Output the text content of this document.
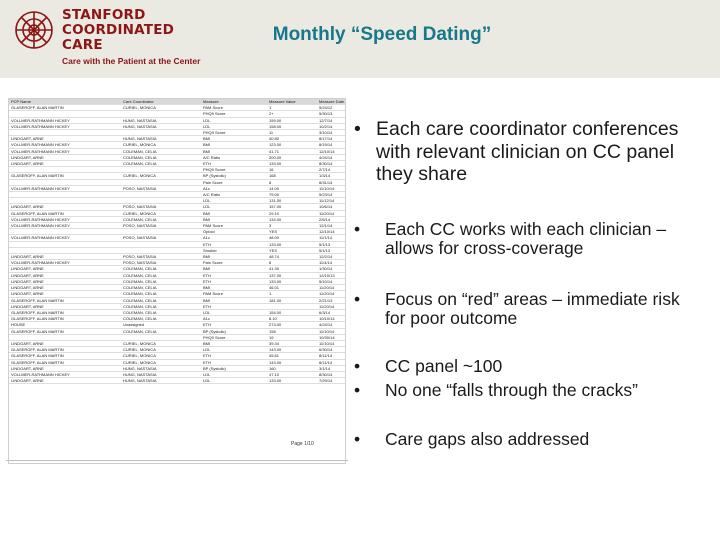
STANFORD
COORDINATED
CARE
Care with the Patient at the Center
Monthly “Speed Dating”
PCP Name	Care Coordinator	Measure	Measure Value	Measure Date
GLASEROFF, ALAN MARTIN	CURIEL, MONICA	PAM Score	1	5/24/12
		PHQ9 Score	2+	5/30/13
VOLLMER-RATHMANN HICKEY	HUNG, NASTASIA	LDL	159.00	12/7/14
VOLLMER-RATHMANN HICKEY	HUNG, NASTASIA	LDL	158.00	10/2/14
		PHQ9 Score	11	3/10/14
LINDGART, ARNE	HUNG, NASTASIA	BMI	40.80	8/17/14
VOLLMER-RATHMANN HICKEY	CURIEL, MONICA	BMI	123.00	8/19/14
VOLLMER-RATHMANN HICKEY	COLEMAN, CELIA	BMI	41.71	12/10/14
LINDGART, ARNE	COLEMAN, CELIA	A/C Ratio	200.00	4/24/14
LINDGART, ARNE	COLEMAN, CELIA	ETH	133.00	8/30/14
		PHQ9 Score	16	2/7/14
GLASEROFF, ALAN MARTIN	CURIEL, MONICA	BP (Systolic)	168	1/3/14
		Pain Score	8	8/31/14
VOLLMER-RATHMANN HICKEY	POSO, NASTASIA	A1c	14.00	11/10/14
		A/C Ratio	79.00	5/23/14
		LDL	131.00	11/12/14
LINDGART, ARNE	POSO, NASTASIA	LDL	157.00	10/6/14
GLASEROFF, ALAN MARTIN	CURIEL, MONICA	BMI	29.10	11/20/14
VOLLMER-RATHMANN HICKEY	COLEMAN, CELIA	BMI	134.00	2/6/14
VOLLMER-RATHMANN HICKEY	POSO, NASTASIA	PAM Score	3	12/1/14
		Opioid	YES	12/10/14
VOLLMER-RATHMANN HICKEY	POSO, NASTASIA	A1c	48.00	11/1/14
		ETH	133.00	5/1/13
		Smoker	YES	5/1/13
LINDGART, ARNE	POSO, NASTASIA	BMI	48.74	12/2/14
VOLLMER-RATHMANN HICKEY	POSO, NASTASIA	Pain Score	8	11/4/14
LINDGART, ARNE	COLEMAN, CELIA	BMI	41.30	1/30/14
LINDGART, ARNE	COLEMAN, CELIA	ETH	137.00	12/10/13
LINDGART, ARNE	COLEMAN, CELIA	ETH	133.00	5/10/14
LINDGART, ARNE	COLEMAN, CELIA	BMI	46.01	11/20/14
LINDGART, ARNE	COLEMAN, CELIA	PAM Score	1	11/20/14
GLASEROFF, ALAN MARTIN	COLEMAN, CELIA	BMI	181.00	2/21/13
LINDGART, ARNE	COLEMAN, CELIA	ETH		11/20/14
GLASEROFF, ALAN MARTIN	COLEMAN, CELIA	LDL	154.00	6/3/14
GLASEROFF, ALAN MARTIN	COLEMAN, CELIA	A1c	8.10	10/10/14
HOUSE	Unassigned	ETH	273.00	4/24/14
GLASEROFF, ALAN MARTIN	COLEMAN, CELIA	BP (Systolic)	158	11/10/14
		PHQ9 Score	19	10/30/14
LINDGART, ARNE	CURIEL, MONICA	BMI	39.34	11/10/14
GLASEROFF, ALAN MARTIN	CURIEL, MONICA	LDL	143.00	6/30/14
GLASEROFF, ALAN MARTIN	CURIEL, MONICA	ETH	45.61	8/11/14
GLASEROFF, ALAN MARTIN	CURIEL, MONICA	ETH	143.00	8/11/14
LINDGART, ARNE	HUNG, NASTASIA	BP (Systolic)	160	3/1/14
VOLLMER-RATHMANN HICKEY	HUNG, NASTASIA	LDL	47.10	8/30/14
LINDGART, ARNE	HUNG, NASTASIA	LDL	133.00	7/29/14
Page 1/10
• Each care coordinator conferences with relevant clinician on CC panel they share
• Each CC works with each clinician – allows for cross-coverage
• Focus on “red” areas – immediate risk for poor outcome
• CC panel ~100
• No one “falls through the cracks”
• Care gaps also addressed
